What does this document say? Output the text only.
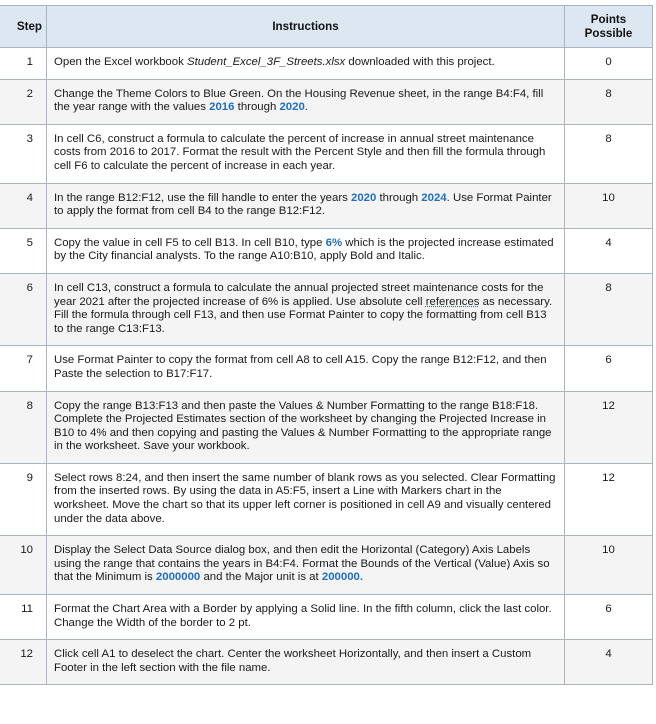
Step	Instructions	Points Possible
1	Open the Excel workbook Student_Excel_3F_Streets.xlsx downloaded with this project.	0
2	Change the Theme Colors to Blue Green. On the Housing Revenue sheet, in the range B4:F4, fill the year range with the values 2016 through 2020.	8
3	In cell C6, construct a formula to calculate the percent of increase in annual street maintenance costs from 2016 to 2017. Format the result with the Percent Style and then fill the formula through cell F6 to calculate the percent of increase in each year.	8
4	In the range B12:F12, use the fill handle to enter the years 2020 through 2024. Use Format Painter to apply the format from cell B4 to the range B12:F12.	10
5	Copy the value in cell F5 to cell B13. In cell B10, type 6% which is the projected increase estimated by the City financial analysts. To the range A10:B10, apply Bold and Italic.	4
6	In cell C13, construct a formula to calculate the annual projected street maintenance costs for the year 2021 after the projected increase of 6% is applied. Use absolute cell references as necessary. Fill the formula through cell F13, and then use Format Painter to copy the formatting from cell B13 to the range C13:F13.	8
7	Use Format Painter to copy the format from cell A8 to cell A15. Copy the range B12:F12, and then Paste the selection to B17:F17.	6
8	Copy the range B13:F13 and then paste the Values & Number Formatting to the range B18:F18. Complete the Projected Estimates section of the worksheet by changing the Projected Increase in B10 to 4% and then copying and pasting the Values & Number Formatting to the appropriate range in the worksheet. Save your workbook.	12
9	Select rows 8:24, and then insert the same number of blank rows as you selected. Clear Formatting from the inserted rows. By using the data in A5:F5, insert a Line with Markers chart in the worksheet. Move the chart so that its upper left corner is positioned in cell A9 and visually centered under the data above.	12
10	Display the Select Data Source dialog box, and then edit the Horizontal (Category) Axis Labels using the range that contains the years in B4:F4. Format the Bounds of the Vertical (Value) Axis so that the Minimum is 2000000 and the Major unit is at 200000.	10
11	Format the Chart Area with a Border by applying a Solid line. In the fifth column, click the last color. Change the Width of the border to 2 pt.	6
12	Click cell A1 to deselect the chart. Center the worksheet Horizontally, and then insert a Custom Footer in the left section with the file name.	4
